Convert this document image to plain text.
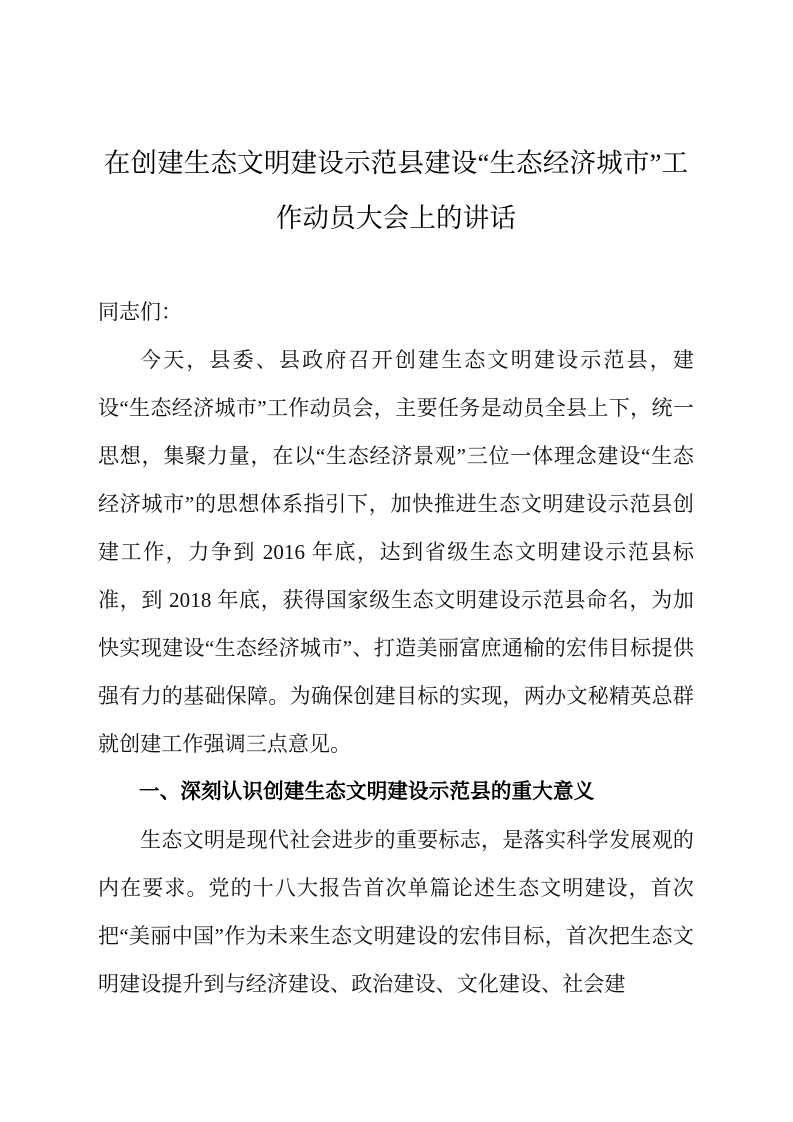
在创建生态文明建设示范县建设“生态经济城市”工作动员大会上的讲话

同志们：

今天，县委、县政府召开创建生态文明建设示范县，建设“生态经济城市”工作动员会，主要任务是动员全县上下，统一思想，集聚力量，在以“生态经济景观”三位一体理念建设“生态经济城市”的思想体系指引下，加快推进生态文明建设示范县创建工作，力争到 2016 年底，达到省级生态文明建设示范县标准，到 2018 年底，获得国家级生态文明建设示范县命名，为加快实现建设“生态经济城市”、打造美丽富庶通榆的宏伟目标提供强有力的基础保障。为确保创建目标的实现，两办文秘精英总群就创建工作强调三点意见。

一、深刻认识创建生态文明建设示范县的重大意义

生态文明是现代社会进步的重要标志，是落实科学发展观的内在要求。党的十八大报告首次单篇论述生态文明建设，首次把“美丽中国”作为未来生态文明建设的宏伟目标，首次把生态文明建设提升到与经济建设、政治建设、文化建设、社会建
